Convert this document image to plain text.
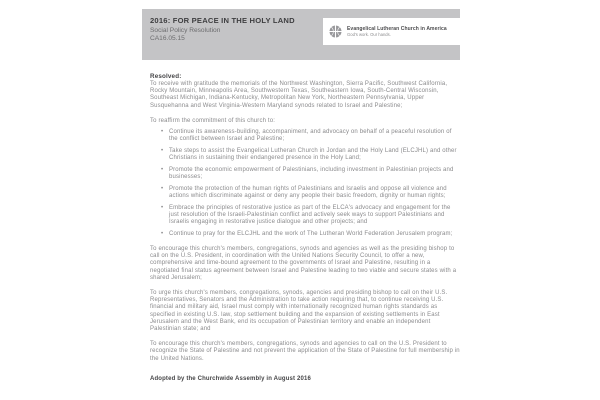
2016: FOR PEACE IN THE HOLY LAND
Social Policy Resolution
CA16.05.15
Evangelical Lutheran Church in America
God's work. Our hands.
Resolved:

To receive with gratitude the memorials of the Northwest Washington, Sierra Pacific, Southwest California, Rocky Mountain, Minneapolis Area, Southwestern Texas, Southeastern Iowa, South-Central Wisconsin, Southeast Michigan, Indiana-Kentucky, Metropolitan New York, Northeastern Pennsylvania, Upper Susquehanna and West Virginia-Western Maryland synods related to Israel and Palestine;

To reaffirm the commitment of this church to:

• Continue its awareness-building, accompaniment, and advocacy on behalf of a peaceful resolution of the conflict between Israel and Palestine;
• Take steps to assist the Evangelical Lutheran Church in Jordan and the Holy Land (ELCJHL) and other Christians in sustaining their endangered presence in the Holy Land;
• Promote the economic empowerment of Palestinians, including investment in Palestinian projects and businesses;
• Promote the protection of the human rights of Palestinians and Israelis and oppose all violence and actions which discriminate against or deny any people their basic freedom, dignity or human rights;
• Embrace the principles of restorative justice as part of the ELCA's advocacy and engagement for the just resolution of the Israeli-Palestinian conflict and actively seek ways to support Palestinians and Israelis engaging in restorative justice dialogue and other projects; and
• Continue to pray for the ELCJHL and the work of The Lutheran World Federation Jerusalem program;

To encourage this church's members, congregations, synods and agencies as well as the presiding bishop to call on the U.S. President, in coordination with the United Nations Security Council, to offer a new, comprehensive and time-bound agreement to the governments of Israel and Palestine, resulting in a negotiated final status agreement between Israel and Palestine leading to two viable and secure states with a shared Jerusalem;

To urge this church's members, congregations, synods, agencies and presiding bishop to call on their U.S. Representatives, Senators and the Administration to take action requiring that, to continue receiving U.S. financial and military aid, Israel must comply with internationally recognized human rights standards as specified in existing U.S. law, stop settlement building and the expansion of existing settlements in East Jerusalem and the West Bank, end its occupation of Palestinian territory and enable an independent Palestinian state; and

To encourage this church's members, congregations, synods and agencies to call on the U.S. President to recognize the State of Palestine and not prevent the application of the State of Palestine for full membership in the United Nations.

Adopted by the Churchwide Assembly in August 2016
